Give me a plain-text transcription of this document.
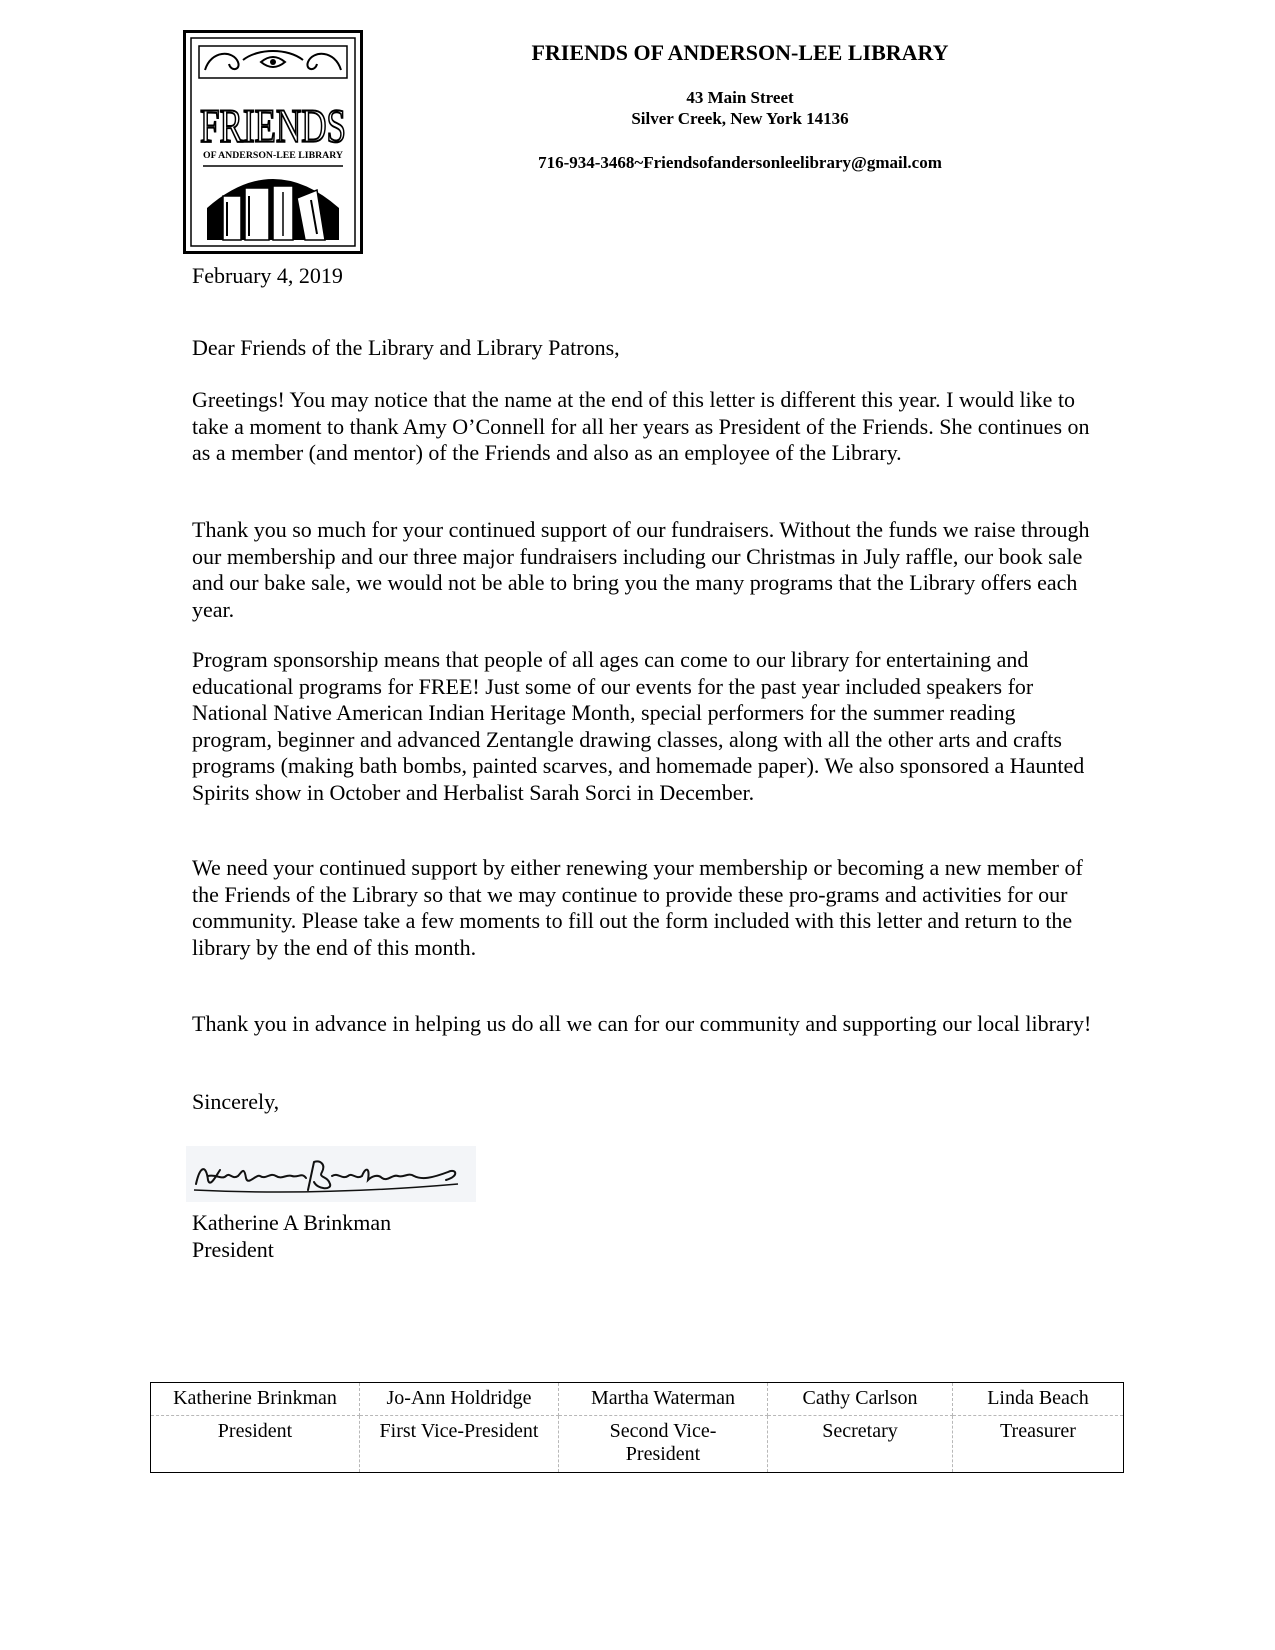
FRIENDS
OF ANDERSON-LEE LIBRARY
FRIENDS OF ANDERSON-LEE LIBRARY
43 Main Street
Silver Creek, New York 14136
716-934-3468~Friendsofandersonleelibrary@gmail.com
February 4, 2019

Dear Friends of the Library and Library Patrons,

Greetings! You may notice that the name at the end of this letter is different this year. I would like to take a moment to thank Amy O’Connell for all her years as President of the Friends. She continues on as a member (and mentor) of the Friends and also as an employee of the Library.

Thank you so much for your continued support of our fundraisers. Without the funds we raise through our membership and our three major fundraisers including our Christmas in July raffle, our book sale and our bake sale, we would not be able to bring you the many programs that the Library offers each year.

Program sponsorship means that people of all ages can come to our library for entertaining and educational programs for FREE! Just some of our events for the past year included speakers for National Native American Indian Heritage Month, special performers for the summer reading program, beginner and advanced Zentangle drawing classes, along with all the other arts and crafts programs (making bath bombs, painted scarves, and homemade paper). We also sponsored a Haunted Spirits show in October and Herbalist Sarah Sorci in December.

We need your continued support by either renewing your membership or becoming a new member of the Friends of the Library so that we may continue to provide these pro-grams and activities for our community. Please take a few moments to fill out the form included with this letter and return to the library by the end of this month.

Thank you in advance in helping us do all we can for our community and supporting our local library!

Sincerely,

Katherine A Brinkman
President
Katherine Brinkman	Jo-Ann Holdridge	Martha Waterman	Cathy Carlson	Linda Beach
President	First Vice-President	Second Vice-President	Secretary	Treasurer
